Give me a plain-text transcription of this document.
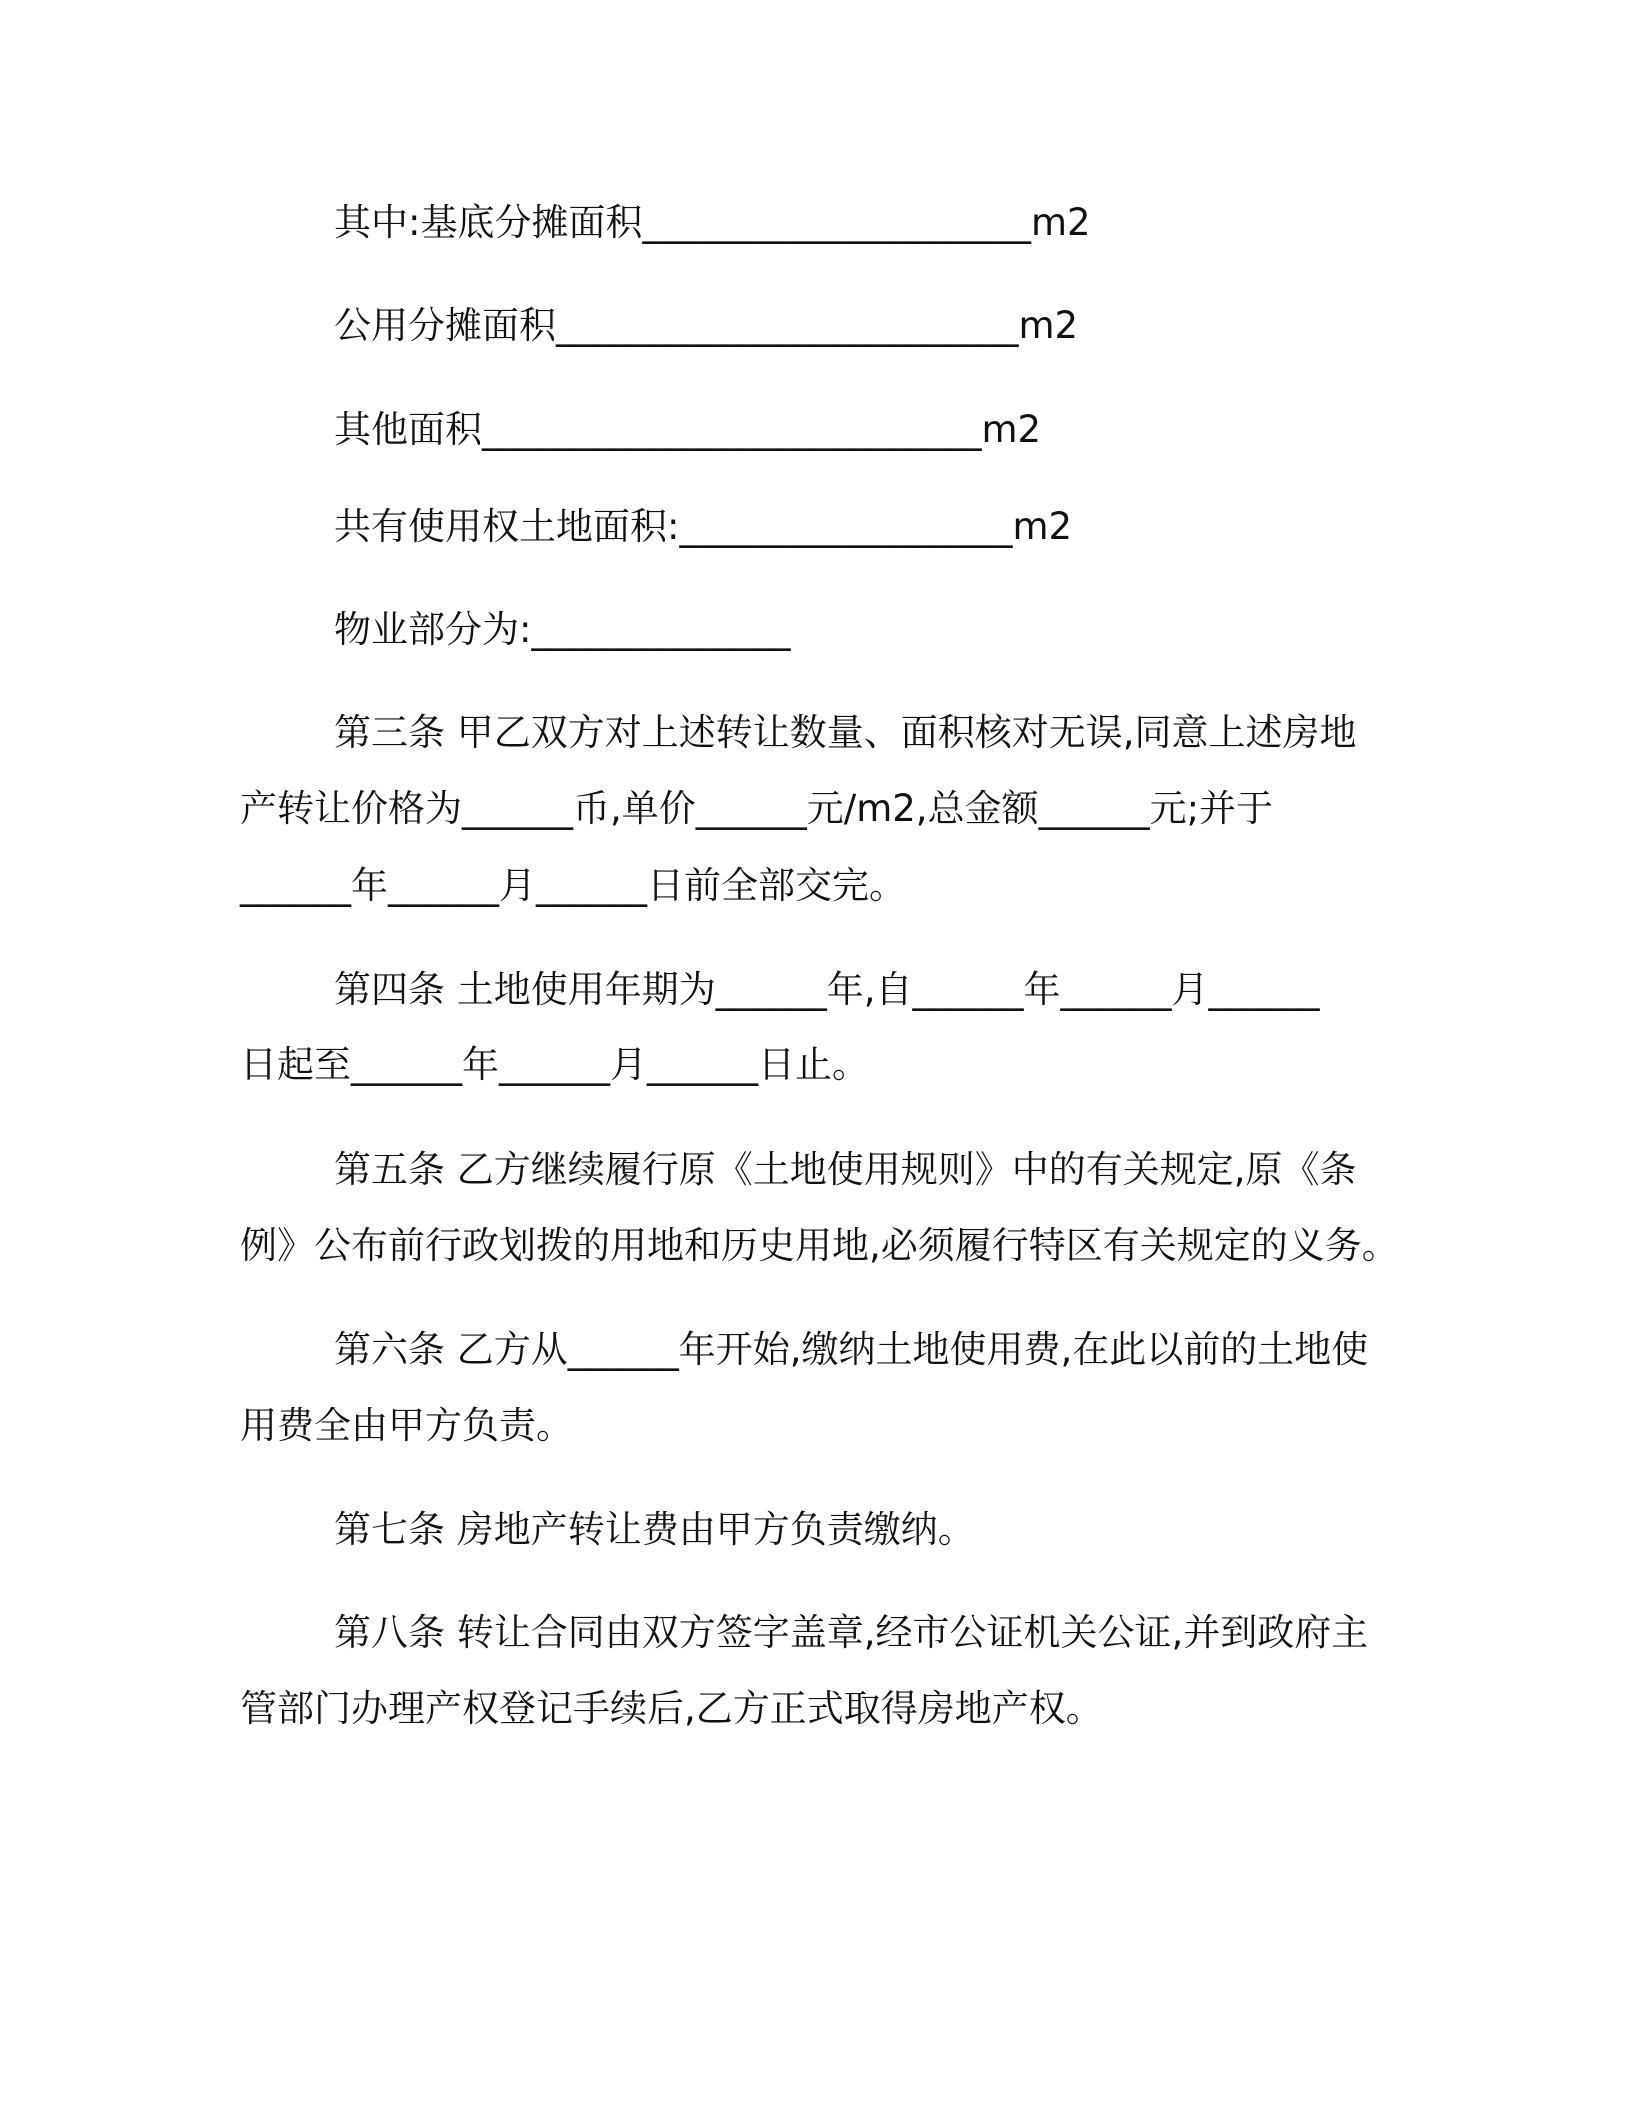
其中:基底分摊面积_____________________m2
公用分摊面积_________________________m2
其他面积___________________________m2
共有使用权土地面积:__________________m2
物业部分为:______________
第三条 甲乙双方对上述转让数量、面积核对无误,同意上述房地
产转让价格为______币,单价______元/m2,总金额______元;并于
______年______月______日前全部交完。
第四条 土地使用年期为______年,自______年______月______
日起至______年______月______日止。
第五条 乙方继续履行原《土地使用规则》中的有关规定,原《条
例》公布前行政划拨的用地和历史用地,必须履行特区有关规定的义务。
第六条 乙方从______年开始,缴纳土地使用费,在此以前的土地使
用费全由甲方负责。
第七条 房地产转让费由甲方负责缴纳。
第八条 转让合同由双方签字盖章,经市公证机关公证,并到政府主
管部门办理产权登记手续后,乙方正式取得房地产权。
